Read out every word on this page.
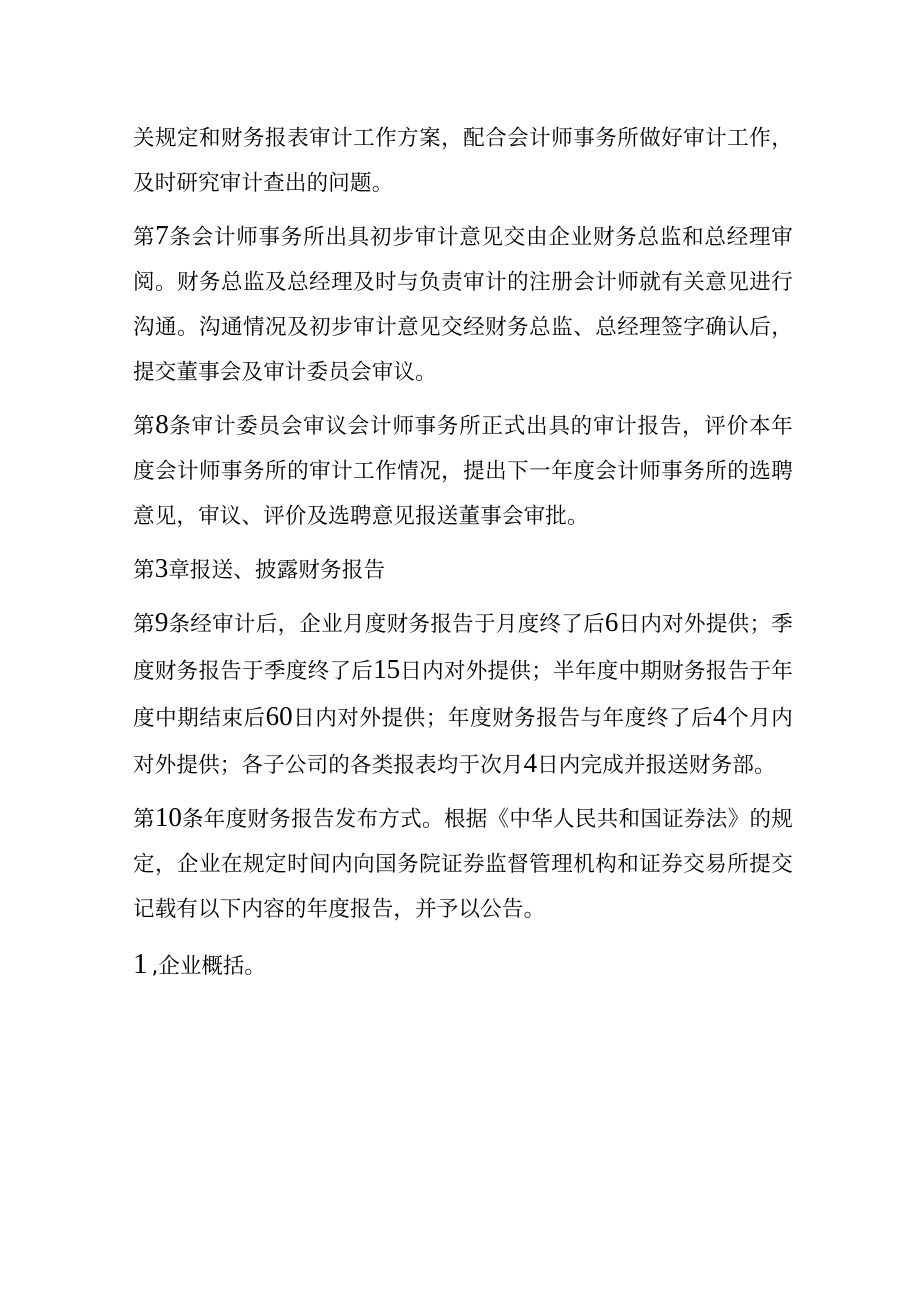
关规定和财务报表审计工作方案，配合会计师事务所做好审计工作，及时研究审计查出的问题。

第7条会计师事务所出具初步审计意见交由企业财务总监和总经理审阅。财务总监及总经理及时与负责审计的注册会计师就有关意见进行沟通。沟通情况及初步审计意见交经财务总监、总经理签字确认后，提交董事会及审计委员会审议。

第8条审计委员会审议会计师事务所正式出具的审计报告，评价本年度会计师事务所的审计工作情况，提出下一年度会计师事务所的选聘意见，审议、评价及选聘意见报送董事会审批。

第3章报送、披露财务报告

第9条经审计后，企业月度财务报告于月度终了后6日内对外提供；季度财务报告于季度终了后15日内对外提供；半年度中期财务报告于年度中期结束后60日内对外提供；年度财务报告与年度终了后4个月内对外提供；各子公司的各类报表均于次月4日内完成并报送财务部。

第10条年度财务报告发布方式。根据《中华人民共和国证券法》的规定，企业在规定时间内向国务院证券监督管理机构和证券交易所提交记载有以下内容的年度报告，并予以公告。

1 ,企业概括。
